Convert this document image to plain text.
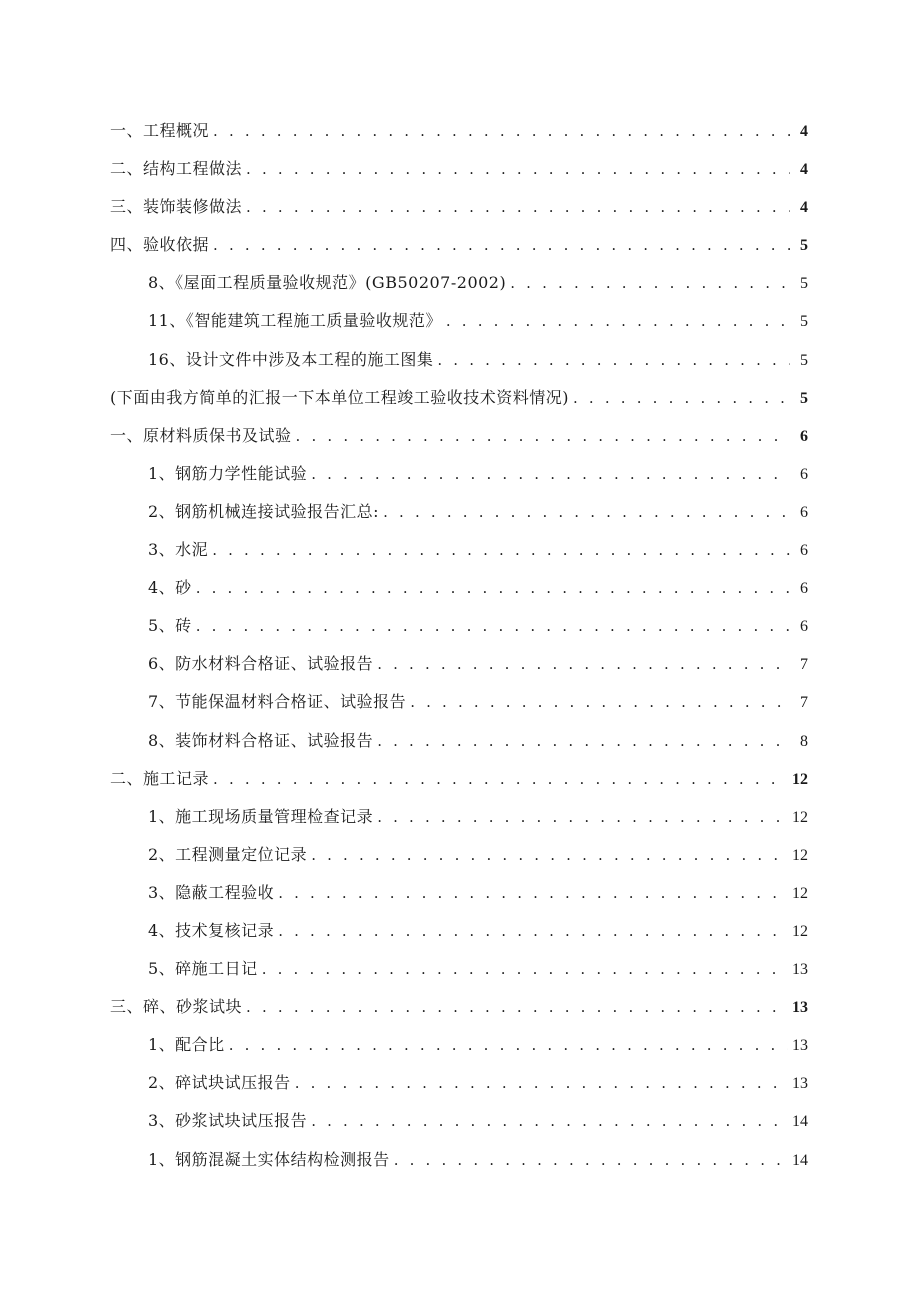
一、工程概况 . . .	4
二、结构工程做法 . . .	4
三、装饰装修做法 . . .	4
四、验收依据 . . .	5
8、《屋面工程质量验收规范》(GB50207-2002) . . .	5
11、《智能建筑工程施工质量验收规范》 . . .	5
16、设计文件中涉及本工程的施工图集 . . .	5
(下面由我方简单的汇报一下本单位工程竣工验收技术资料情况) . . .	5
一、原材料质保书及试验 . . .	6
1、钢筋力学性能试验 . . .	6
2、钢筋机械连接试验报告汇总: . . .	6
3、水泥 . . .	6
4、砂 . . .	6
5、砖 . . .	6
6、防水材料合格证、试验报告 . . .	7
7、节能保温材料合格证、试验报告 . . .	7
8、装饰材料合格证、试验报告 . . .	8
二、施工记录 . . .	12
1、施工现场质量管理检查记录 . . .	12
2、工程测量定位记录 . . .	12
3、隐蔽工程验收 . . .	12
4、技术复核记录 . . .	12
5、碎施工日记 . . .	13
三、碎、砂浆试块 . . .	13
1、配合比 . . .	13
2、碎试块试压报告 . . .	13
3、砂浆试块试压报告 . . .	14
1、钢筋混凝土实体结构检测报告 . . .	14
